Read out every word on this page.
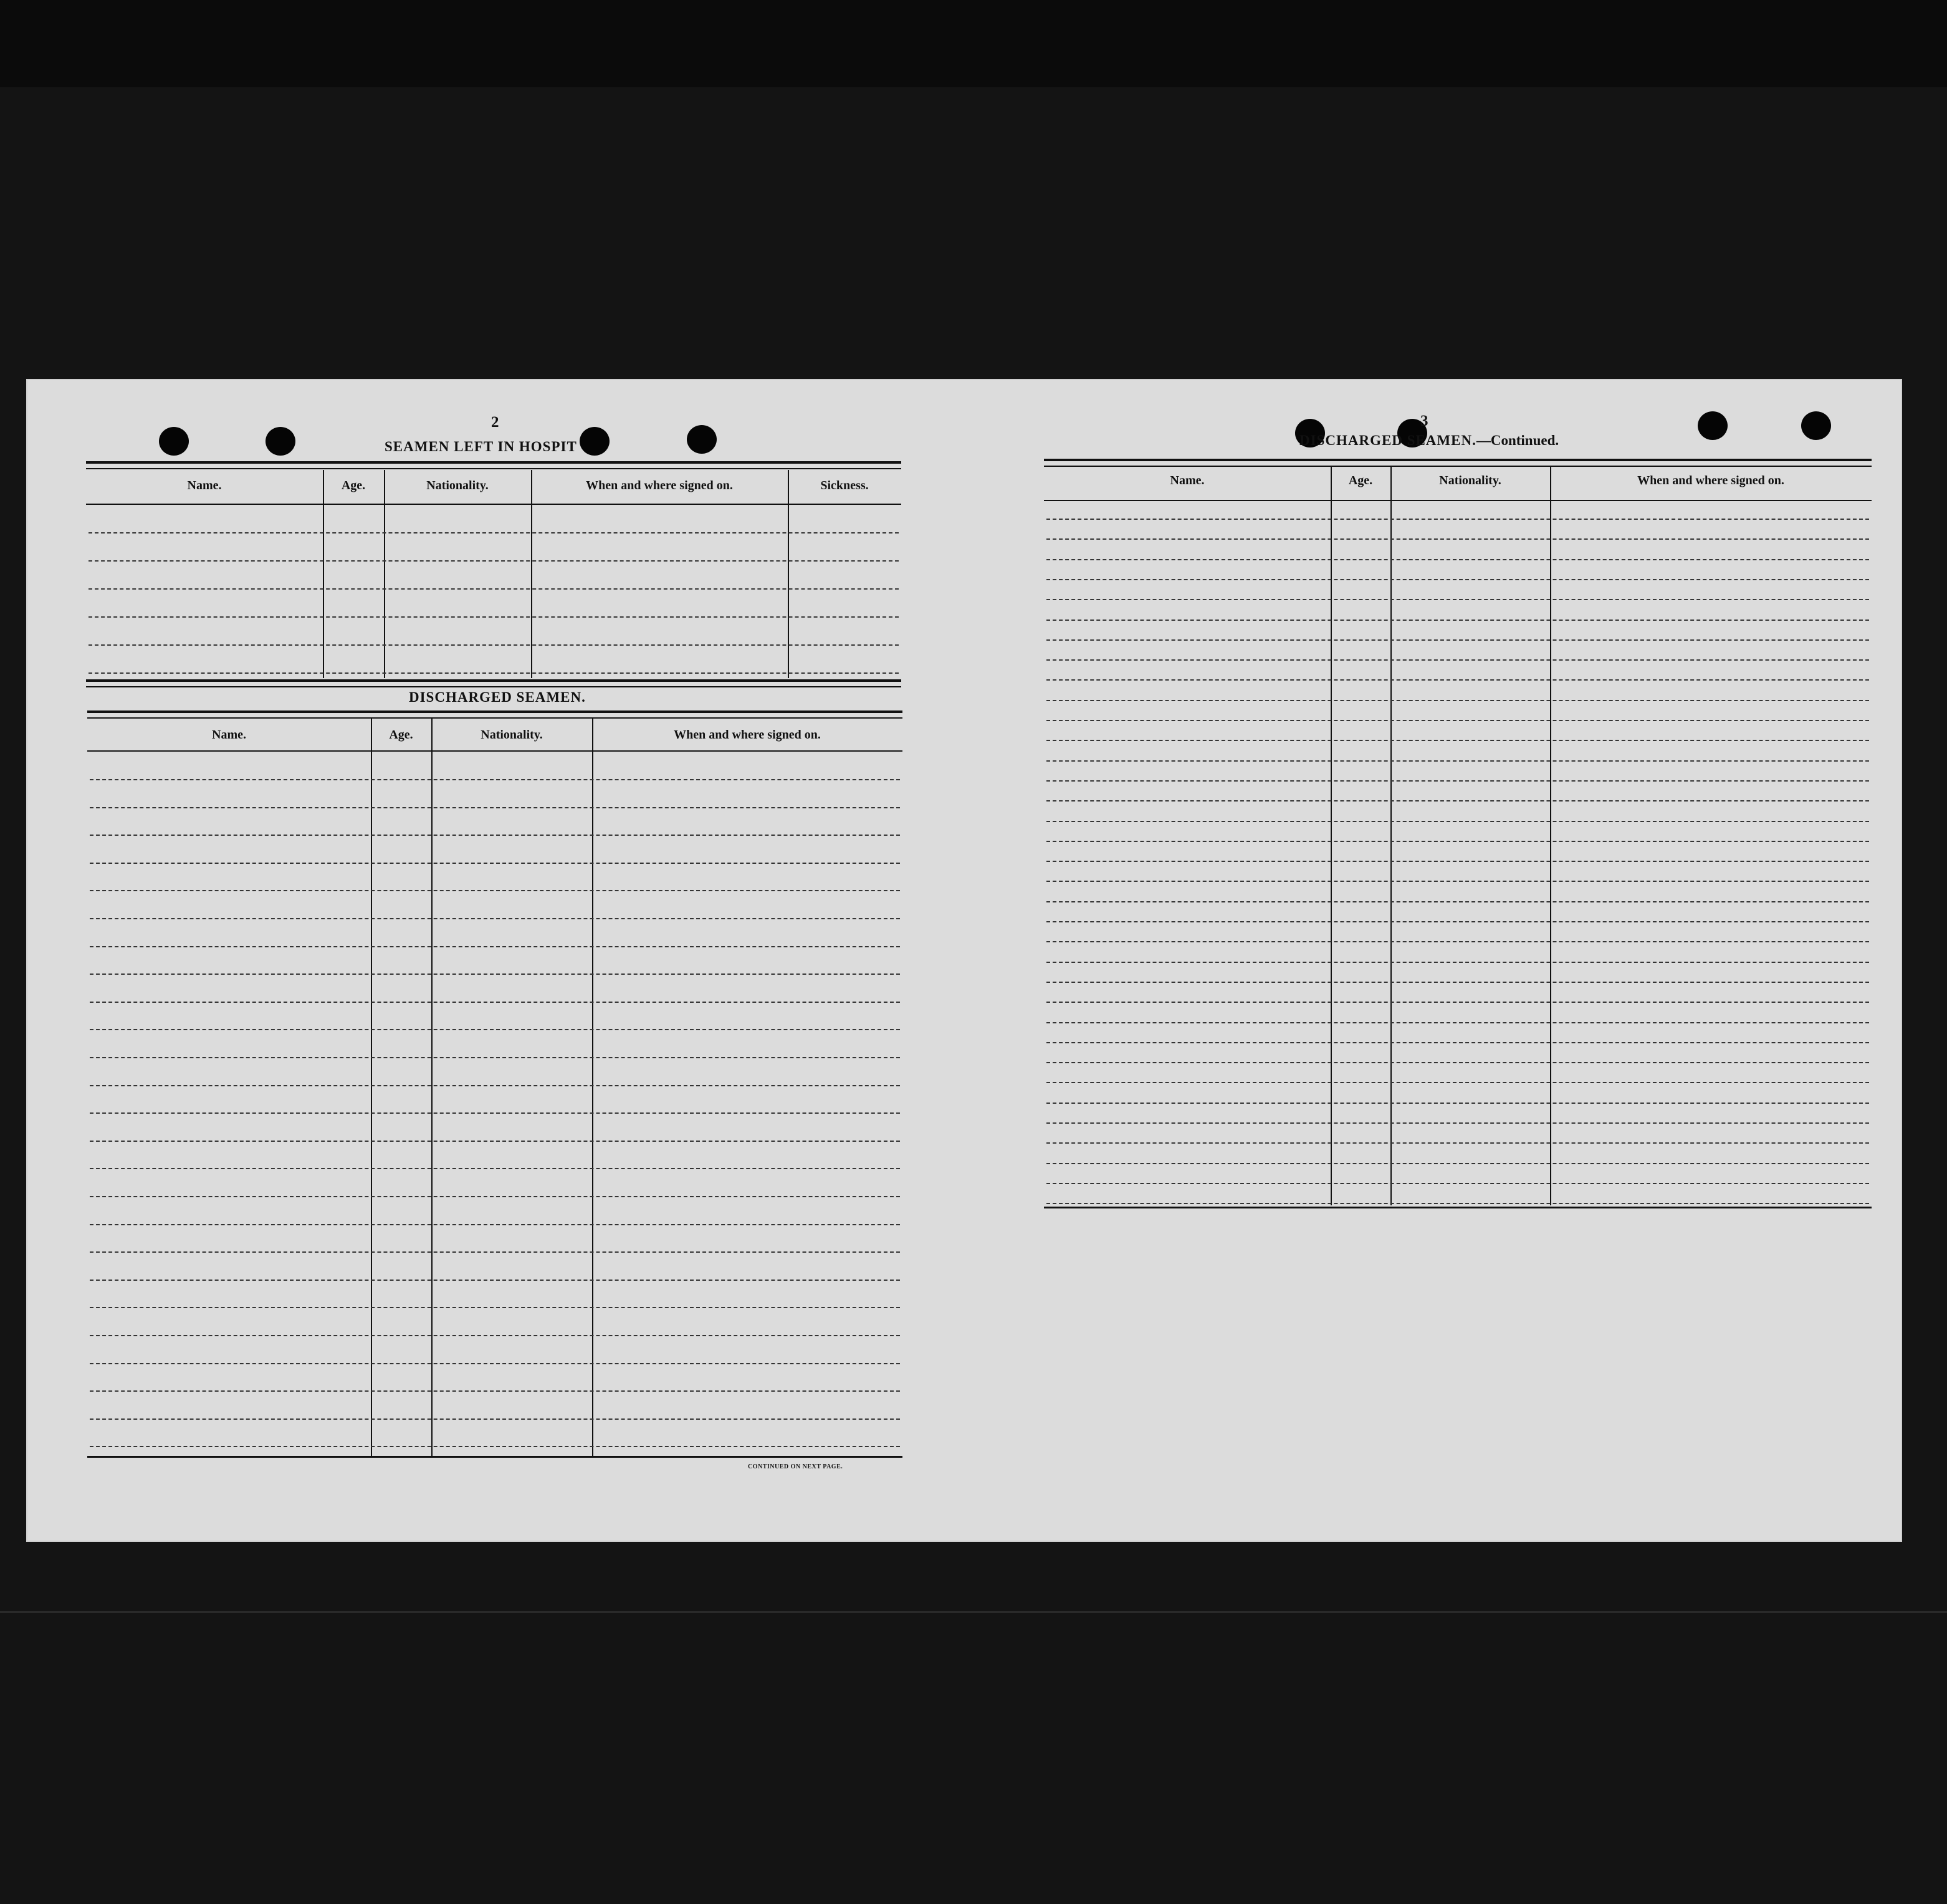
2
SEAMEN LEFT IN HOSPIT
Name.	Age.	Nationality.	When and where signed on.	Sickness.
DISCHARGED SEAMEN.
Name.	Age.	Nationality.	When and where signed on.
CONTINUED ON NEXT PAGE.
3
DISCHARGED SEAMEN.—Continued.
Name.	Age.	Nationality.	When and where signed on.
